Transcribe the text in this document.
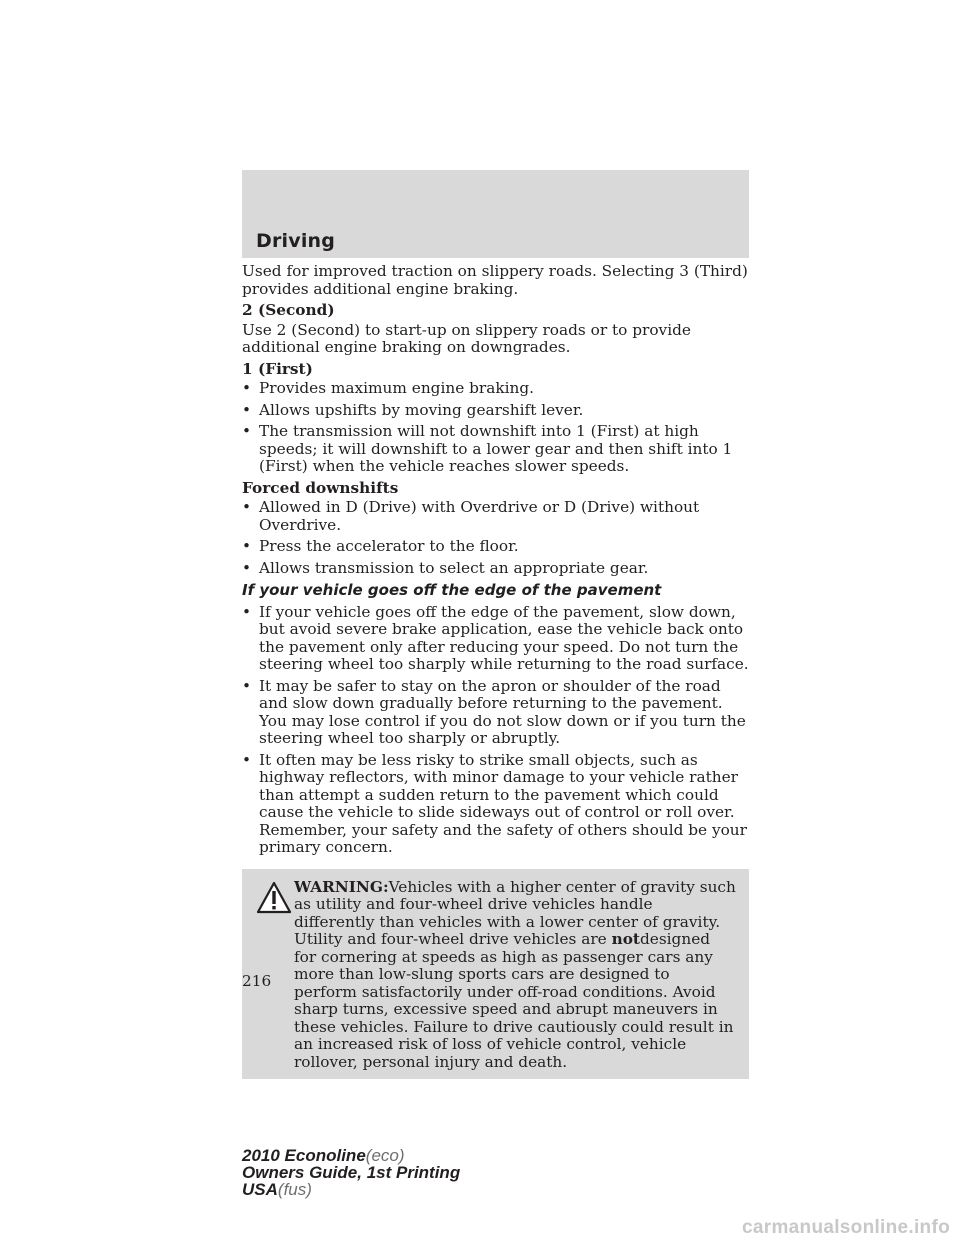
Driving

Used for improved traction on slippery roads. Selecting 3 (Third) provides additional engine braking.

2 (Second)

Use 2 (Second) to start-up on slippery roads or to provide additional engine braking on downgrades.

1 (First)
• Provides maximum engine braking.
• Allows upshifts by moving gearshift lever.
• The transmission will not downshift into 1 (First) at high speeds; it will downshift to a lower gear and then shift into 1 (First) when the vehicle reaches slower speeds.
Forced downshifts
• Allowed in D (Drive) with Overdrive or D (Drive) without Overdrive.
• Press the accelerator to the floor.
• Allows transmission to select an appropriate gear.
If your vehicle goes off the edge of the pavement
• If your vehicle goes off the edge of the pavement, slow down, but avoid severe brake application, ease the vehicle back onto the pavement only after reducing your speed. Do not turn the steering wheel too sharply while returning to the road surface.
• It may be safer to stay on the apron or shoulder of the road and slow down gradually before returning to the pavement. You may lose control if you do not slow down or if you turn the steering wheel too sharply or abruptly.
• It often may be less risky to strike small objects, such as highway reflectors, with minor damage to your vehicle rather than attempt a sudden return to the pavement which could cause the vehicle to slide sideways out of control or roll over. Remember, your safety and the safety of others should be your primary concern.
WARNING:Vehicles with a higher center of gravity such as utility and four-wheel drive vehicles handle differently than vehicles with a lower center of gravity. Utility and four-wheel drive vehicles are notdesigned for cornering at speeds as high as passenger cars any more than low-slung sports cars are designed to perform satisfactorily under off-road conditions. Avoid sharp turns, excessive speed and abrupt maneuvers in these vehicles. Failure to drive cautiously could result in an increased risk of loss of vehicle control, vehicle rollover, personal injury and death.
216
2010 Econoline(eco)
Owners Guide, 1st Printing
USA(fus)
carmanualsonline.info
